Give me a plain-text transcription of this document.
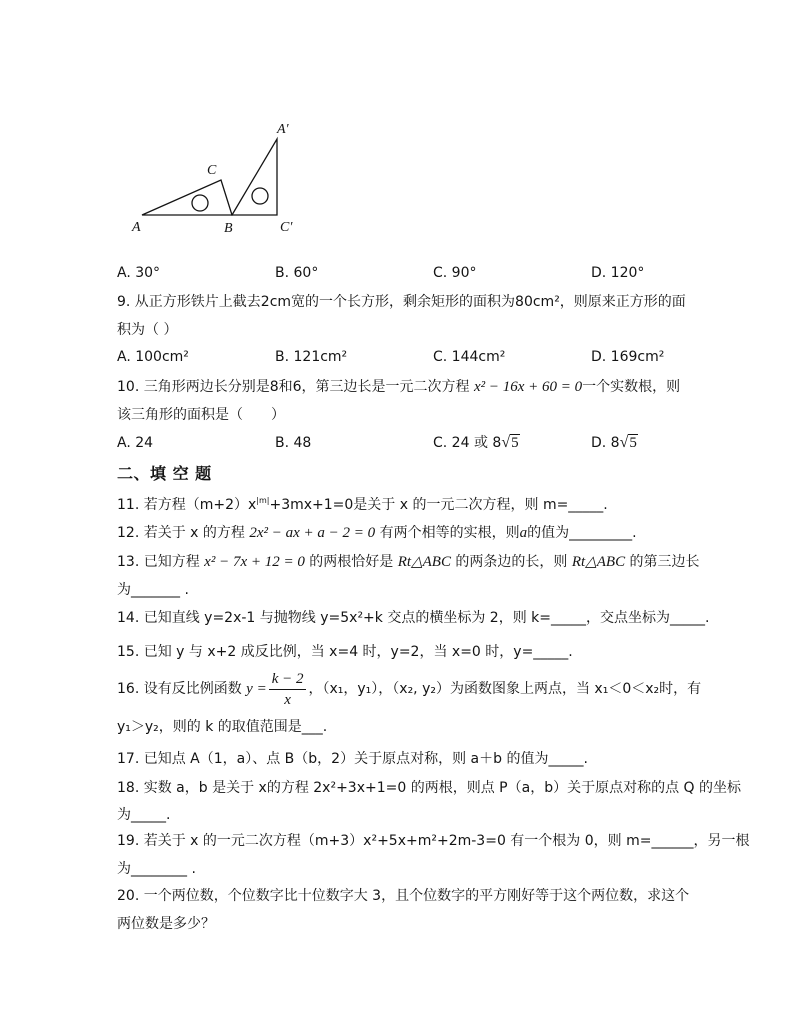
A	B
C
A′
C′
A. 30°	B. 60°	C. 90°	D. 120°
9. 从正方形铁片上截去2cm宽的一个长方形，剩余矩形的面积为80cm²，则原来正方形的面
积为（ ）
A. 100cm²	B. 121cm²	C. 144cm²	D. 169cm²
10. 三角形两边长分别是8和6，第三边长是一元二次方程 x² − 16x + 60 = 0一个实数根，则
该三角形的面积是（　　）
A. 24	B. 48	C. 24 或 8√5	D. 8√5
二、填 空 题
11. 若方程$(m+2)x^{|m|}+3mx+1=0$是关于 x 的一元二次方程，则 m=_____.
12. 若关于 x 的方程 2x² − ax + a − 2 = 0 有两个相等的实根，则a的值为_________.
13. 已知方程 x² − 7x + 12 = 0 的两根恰好是 Rt△ABC 的两条边的长，则 Rt△ABC 的第三边长
为_______ .
14. 已知直线 y=2x-1 与抛物线 y=5x²+k 交点的横坐标为 2，则 k=_____，交点坐标为_____.
15. 已知 y 与 x+2 成反比例，当 x=4 时，y=2，当 x=0 时，y=_____.
16. 设有反比例函数 $y = \frac{k - 2}{x}$ ，（x₁，y₁），（x₂, y₂）为函数图象上两点，当 x₁＜0＜x₂时，有
y₁＞y₂，则的 k 的取值范围是___.
17. 已知点 A（1，a）、点 B（b，2）关于原点对称，则 a＋b 的值为_____.
18. 实数 a，b 是关于 x的方程 2x²+3x+1=0 的两根，则点 P（a，b）关于原点对称的点 Q 的坐标
为_____.
19. 若关于 x 的一元二次方程（m+3）x²+5x+m²+2m-3=0 有一个根为 0，则 m=______，另一根
为________ .
20. 一个两位数，个位数字比十位数字大 3，且个位数字的平方刚好等于这个两位数，求这个
两位数是多少？
